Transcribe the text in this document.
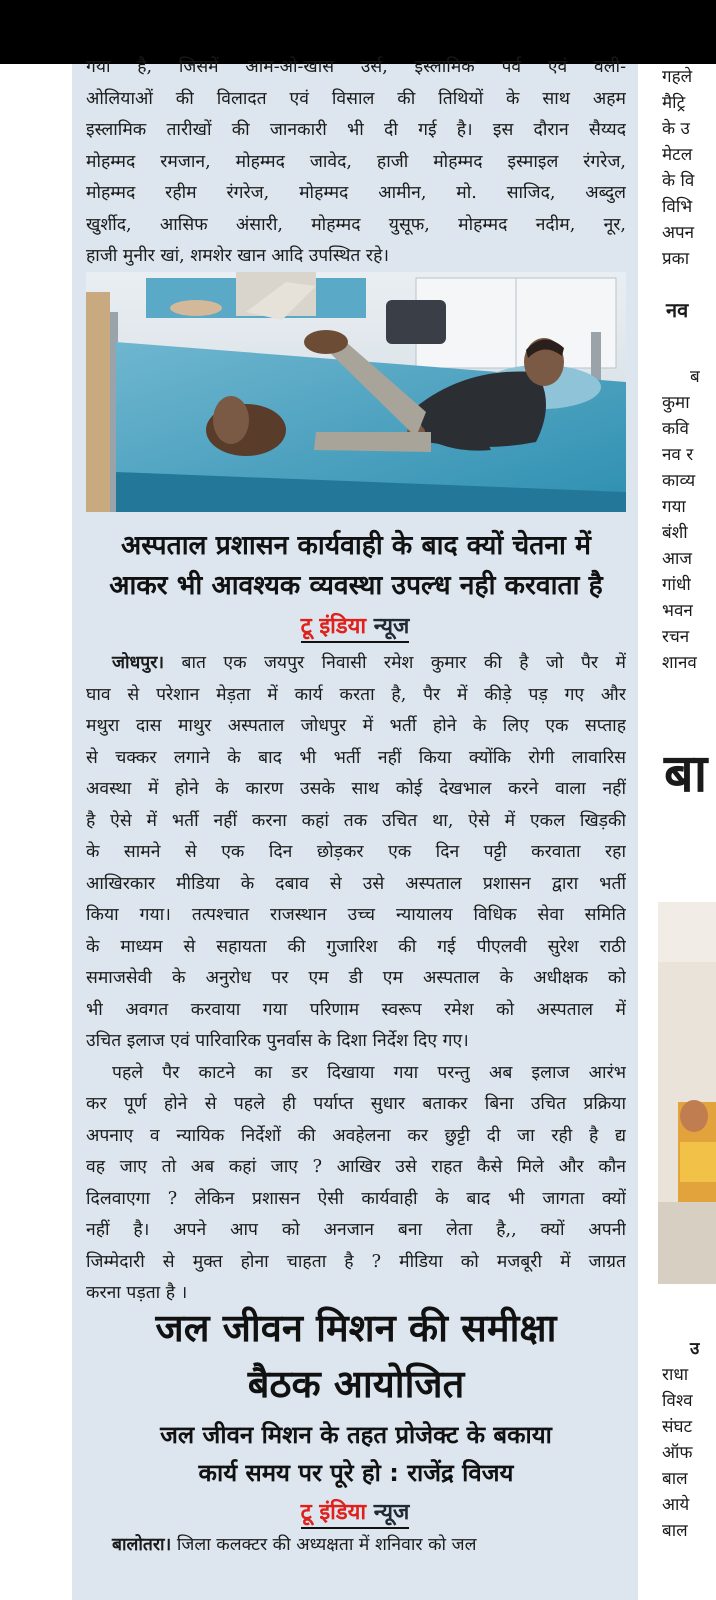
गया है, जिसमें आम-ओ-खास उर्स, इस्लामिक पर्व एवं वली-
ओलियाओं की विलादत एवं विसाल की तिथियों के साथ अहम
इस्लामिक तारीखों की जानकारी भी दी गई है। इस दौरान सैय्यद
मोहम्मद रमजान, मोहम्मद जावेद, हाजी मोहम्मद इस्माइल रंगरेज,
मोहम्मद रहीम रंगरेज, मोहम्मद आमीन, मो. साजिद, अब्दुल
खुर्शीद, आसिफ अंसारी, मोहम्मद युसूफ, मोहम्मद नदीम, नूर,
हाजी मुनीर खां, शमशेर खान आदि उपस्थित रहे।
अस्पताल प्रशासन कार्यवाही के बाद क्यों चेतना में
आकर भी आवश्यक व्यवस्था उपल्ध नही करवाता है
टू इंडिया न्यूज
जोधपुर। बात एक जयपुर निवासी रमेश कुमार की है जो पैर में
घाव से परेशान मेड़ता में कार्य करता है, पैर में कीड़े पड़ गए और
मथुरा दास माथुर अस्पताल जोधपुर में भर्ती होने के लिए एक सप्ताह
से चक्कर लगाने के बाद भी भर्ती नहीं किया क्योंकि रोगी लावारिस
अवस्था में होने के कारण उसके साथ कोई देखभाल करने वाला नहीं
है ऐसे में भर्ती नहीं करना कहां तक उचित था, ऐसे में एकल खिड़की
के सामने से एक दिन छोड़कर एक दिन पट्टी करवाता रहा
आखिरकार मीडिया के दबाव से उसे अस्पताल प्रशासन द्वारा भर्ती
किया गया। तत्पश्चात राजस्थान उच्च न्यायालय विधिक सेवा समिति
के माध्यम से सहायता की गुजारिश की गई पीएलवी सुरेश राठी
समाजसेवी के अनुरोध पर एम डी एम अस्पताल के अधीक्षक को
भी अवगत करवाया गया परिणाम स्वरूप रमेश को अस्पताल में
उचित इलाज एवं पारिवारिक पुनर्वास के दिशा निर्देश दिए गए।
पहले पैर काटने का डर दिखाया गया परन्तु अब इलाज आरंभ
कर पूर्ण होने से पहले ही पर्याप्त सुधार बताकर बिना उचित प्रक्रिया
अपनाए व न्यायिक निर्देशों की अवहेलना कर छुट्टी दी जा रही है द्य
वह जाए तो अब कहां जाए ? आखिर उसे राहत कैसे मिले और कौन
दिलवाएगा ? लेकिन प्रशासन ऐसी कार्यवाही के बाद भी जागता क्यों
नहीं है। अपने आप को अनजान बना लेता है,, क्यों अपनी
जिम्मेदारी से मुक्त होना चाहता है ? मीडिया को मजबूरी में जाग्रत
करना पड़ता है ।
जल जीवन मिशन की समीक्षा
बैठक आयोजित
जल जीवन मिशन के तहत प्रोजेक्ट के बकाया
कार्य समय पर पूरे हो : राजेंद्र विजय
टू इंडिया न्यूज
बालोतरा। जिला कलक्टर की अध्यक्षता में शनिवार को जल
गहले
मैट्रि
के उ
मेटल
के वि
विभि
अपन
प्रका
नव
ब
कुमा
कवि
नव र
काव्य
गया
बंशी
आज
गांधी
भवन
रचन
शानव
बा
उ
राधा
विश्व
संघट
ऑफ
बाल
आये
बाल
